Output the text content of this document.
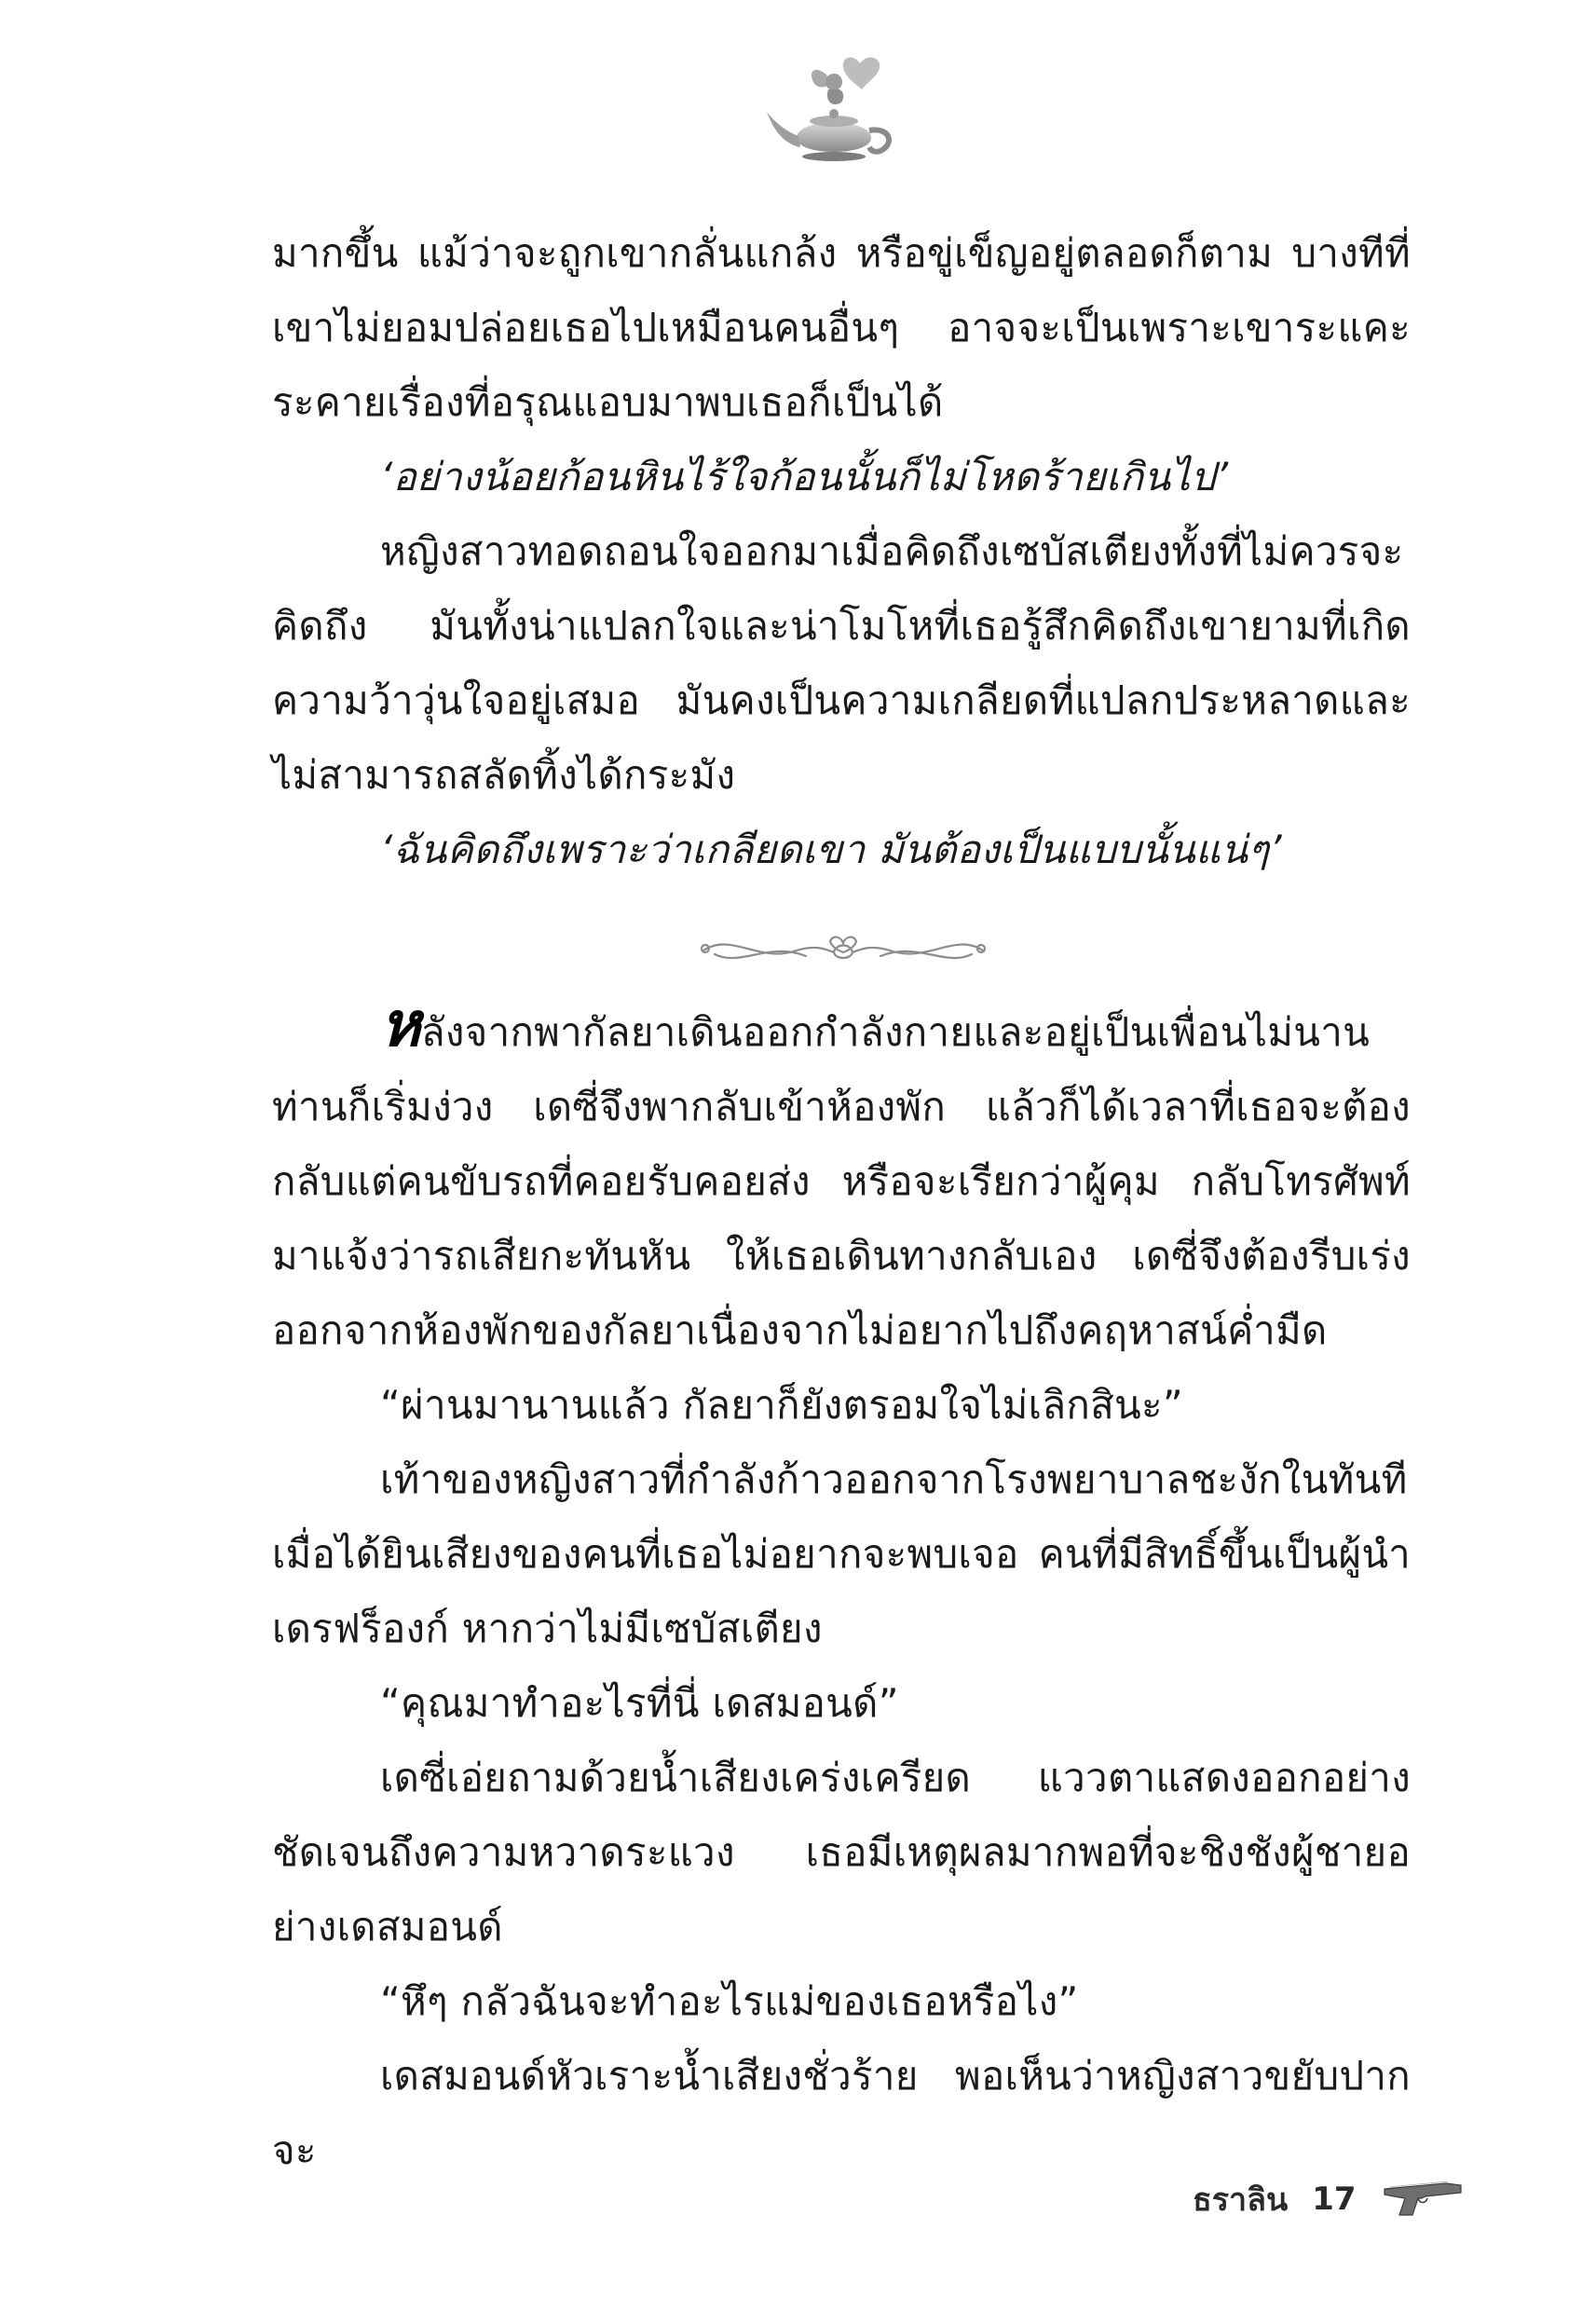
มากขึ้น แม้ว่าจะถูกเขากลั่นแกล้ง หรือขู่เข็ญอยู่ตลอดก็ตาม บางทีที่เขาไม่ยอมปล่อยเธอไปเหมือนคนอื่นๆ อาจจะเป็นเพราะเขาระแคะระคายเรื่องที่อรุณแอบมาพบเธอก็เป็นได้

‘อย่างน้อยก้อนหินไร้ใจก้อนนั้นก็ไม่โหดร้ายเกินไป’

หญิงสาวทอดถอนใจออกมาเมื่อคิดถึงเซบัสเตียงทั้งที่ไม่ควรจะคิดถึง มันทั้งน่าแปลกใจและน่าโมโหที่เธอรู้สึกคิดถึงเขายามที่เกิดความว้าวุ่นใจอยู่เสมอ มันคงเป็นความเกลียดที่แปลกประหลาดและไม่สามารถสลัดทิ้งได้กระมัง

‘ฉันคิดถึงเพราะว่าเกลียดเขา มันต้องเป็นแบบนั้นแน่ๆ’

หลังจากพากัลยาเดินออกกำลังกายและอยู่เป็นเพื่อนไม่นานท่านก็เริ่มง่วง เดซี่จึงพากลับเข้าห้องพัก แล้วก็ได้เวลาที่เธอจะต้องกลับแต่คนขับรถที่คอยรับคอยส่ง หรือจะเรียกว่าผู้คุม กลับโทรศัพท์มาแจ้งว่ารถเสียกะทันหัน ให้เธอเดินทางกลับเอง เดซี่จึงต้องรีบเร่งออกจากห้องพักของกัลยาเนื่องจากไม่อยากไปถึงคฤหาสน์ค่ำมืด

“ผ่านมานานแล้ว กัลยาก็ยังตรอมใจไม่เลิกสินะ”

เท้าของหญิงสาวที่กำลังก้าวออกจากโรงพยาบาลชะงักในทันทีเมื่อได้ยินเสียงของคนที่เธอไม่อยากจะพบเจอ คนที่มีสิทธิ์ขึ้นเป็นผู้นำเดรฟร็องก์ หากว่าไม่มีเซบัสเตียง

“คุณมาทำอะไรที่นี่ เดสมอนด์”

เดซี่เอ่ยถามด้วยน้ำเสียงเคร่งเครียด แววตาแสดงออกอย่างชัดเจนถึงความหวาดระแวง เธอมีเหตุผลมากพอที่จะชิงชังผู้ชายอย่างเดสมอนด์

“หึๆ กลัวฉันจะทำอะไรแม่ของเธอหรือไง”

เดสมอนด์หัวเราะน้ำเสียงชั่วร้าย พอเห็นว่าหญิงสาวขยับปากจะ

ธราลิน 17
